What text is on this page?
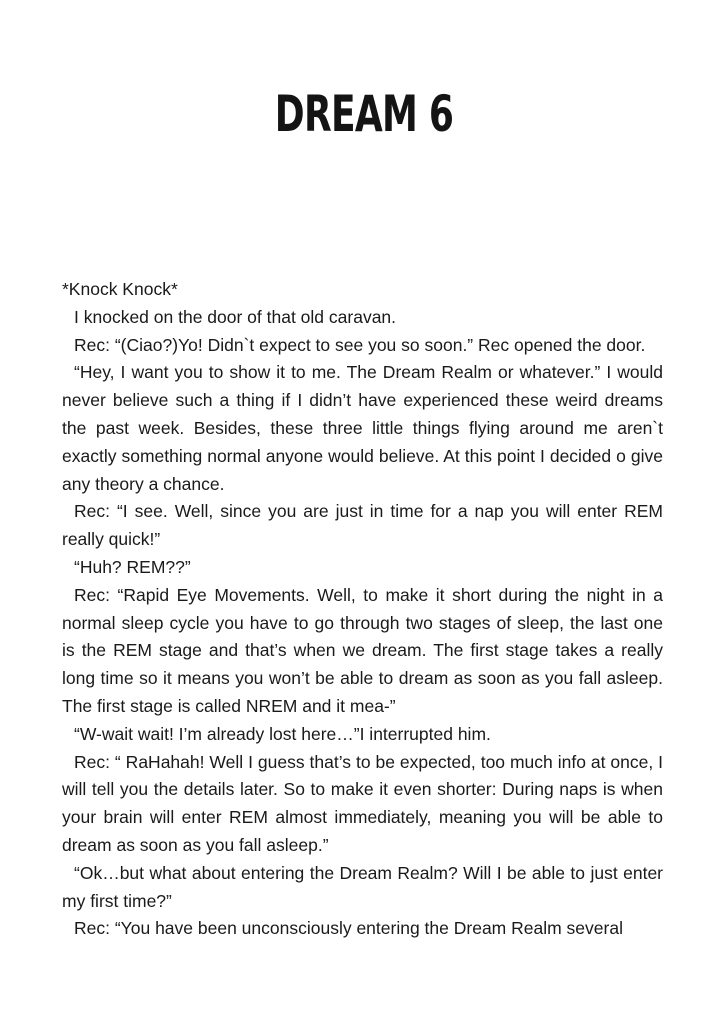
DREAM 6

*Knock Knock*

I knocked on the door of that old caravan.

Rec: “(Ciao?)Yo! Didn`t expect to see you so soon.” Rec opened the door.

“Hey, I want you to show it to me. The Dream Realm or whatever.” I would never believe such a thing if I didn’t have experienced these weird dreams the past week. Besides, these three little things flying around me aren`t exactly something normal anyone would believe. At this point I decided o give any theory a chance.

Rec: “I see. Well, since you are just in time for a nap you will enter REM really quick!”

“Huh? REM??”

Rec: “Rapid Eye Movements. Well, to make it short during the night in a normal sleep cycle you have to go through two stages of sleep, the last one is the REM stage and that’s when we dream. The first stage takes a really long time so it means you won’t be able to dream as soon as you fall asleep. The first stage is called NREM and it mea-”

“W-wait wait! I’m already lost here…”I interrupted him.

Rec: “ RaHahah! Well I guess that’s to be expected, too much info at once, I will tell you the details later. So to make it even shorter: During naps is when your brain will enter REM almost immediately, meaning you will be able to dream as soon as you fall asleep.”

“Ok…but what about entering the Dream Realm? Will I be able to just enter my first time?”

Rec: “You have been unconsciously entering the Dream Realm several
